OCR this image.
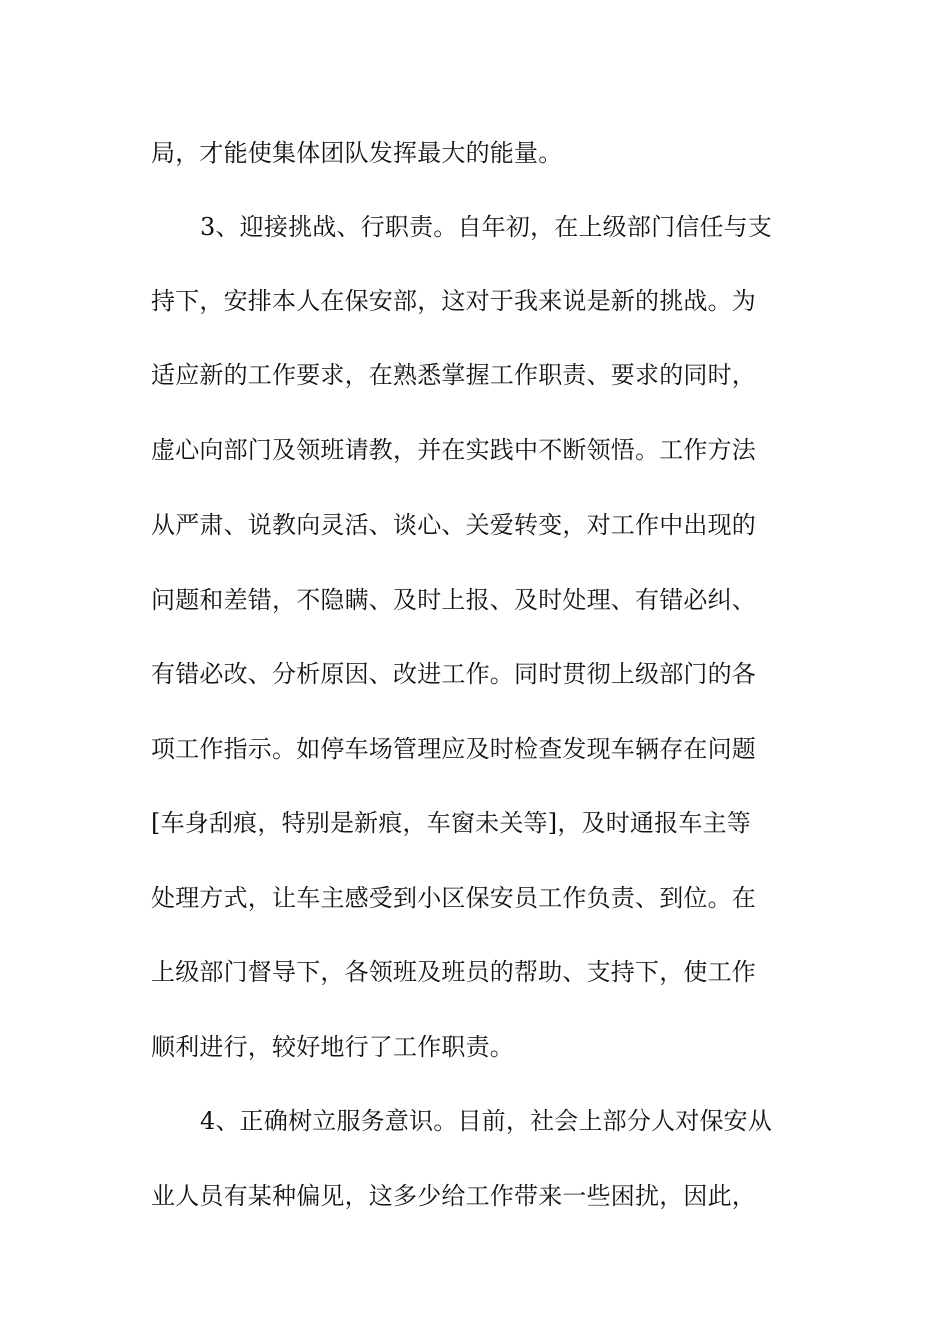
局，才能使集体团队发挥最大的能量。
3、迎接挑战、行职责。自年初，在上级部门信任与支
持下，安排本人在保安部，这对于我来说是新的挑战。为
适应新的工作要求，在熟悉掌握工作职责、要求的同时，
虚心向部门及领班请教，并在实践中不断领悟。工作方法
从严肃、说教向灵活、谈心、关爱转变，对工作中出现的
问题和差错，不隐瞒、及时上报、及时处理、有错必纠、
有错必改、分析原因、改进工作。同时贯彻上级部门的各
项工作指示。如停车场管理应及时检查发现车辆存在问题
[车身刮痕，特别是新痕，车窗未关等]，及时通报车主等
处理方式，让车主感受到小区保安员工作负责、到位。在
上级部门督导下，各领班及班员的帮助、支持下，使工作
顺利进行，较好地行了工作职责。
4、正确树立服务意识。目前，社会上部分人对保安从
业人员有某种偏见，这多少给工作带来一些困扰，因此，
